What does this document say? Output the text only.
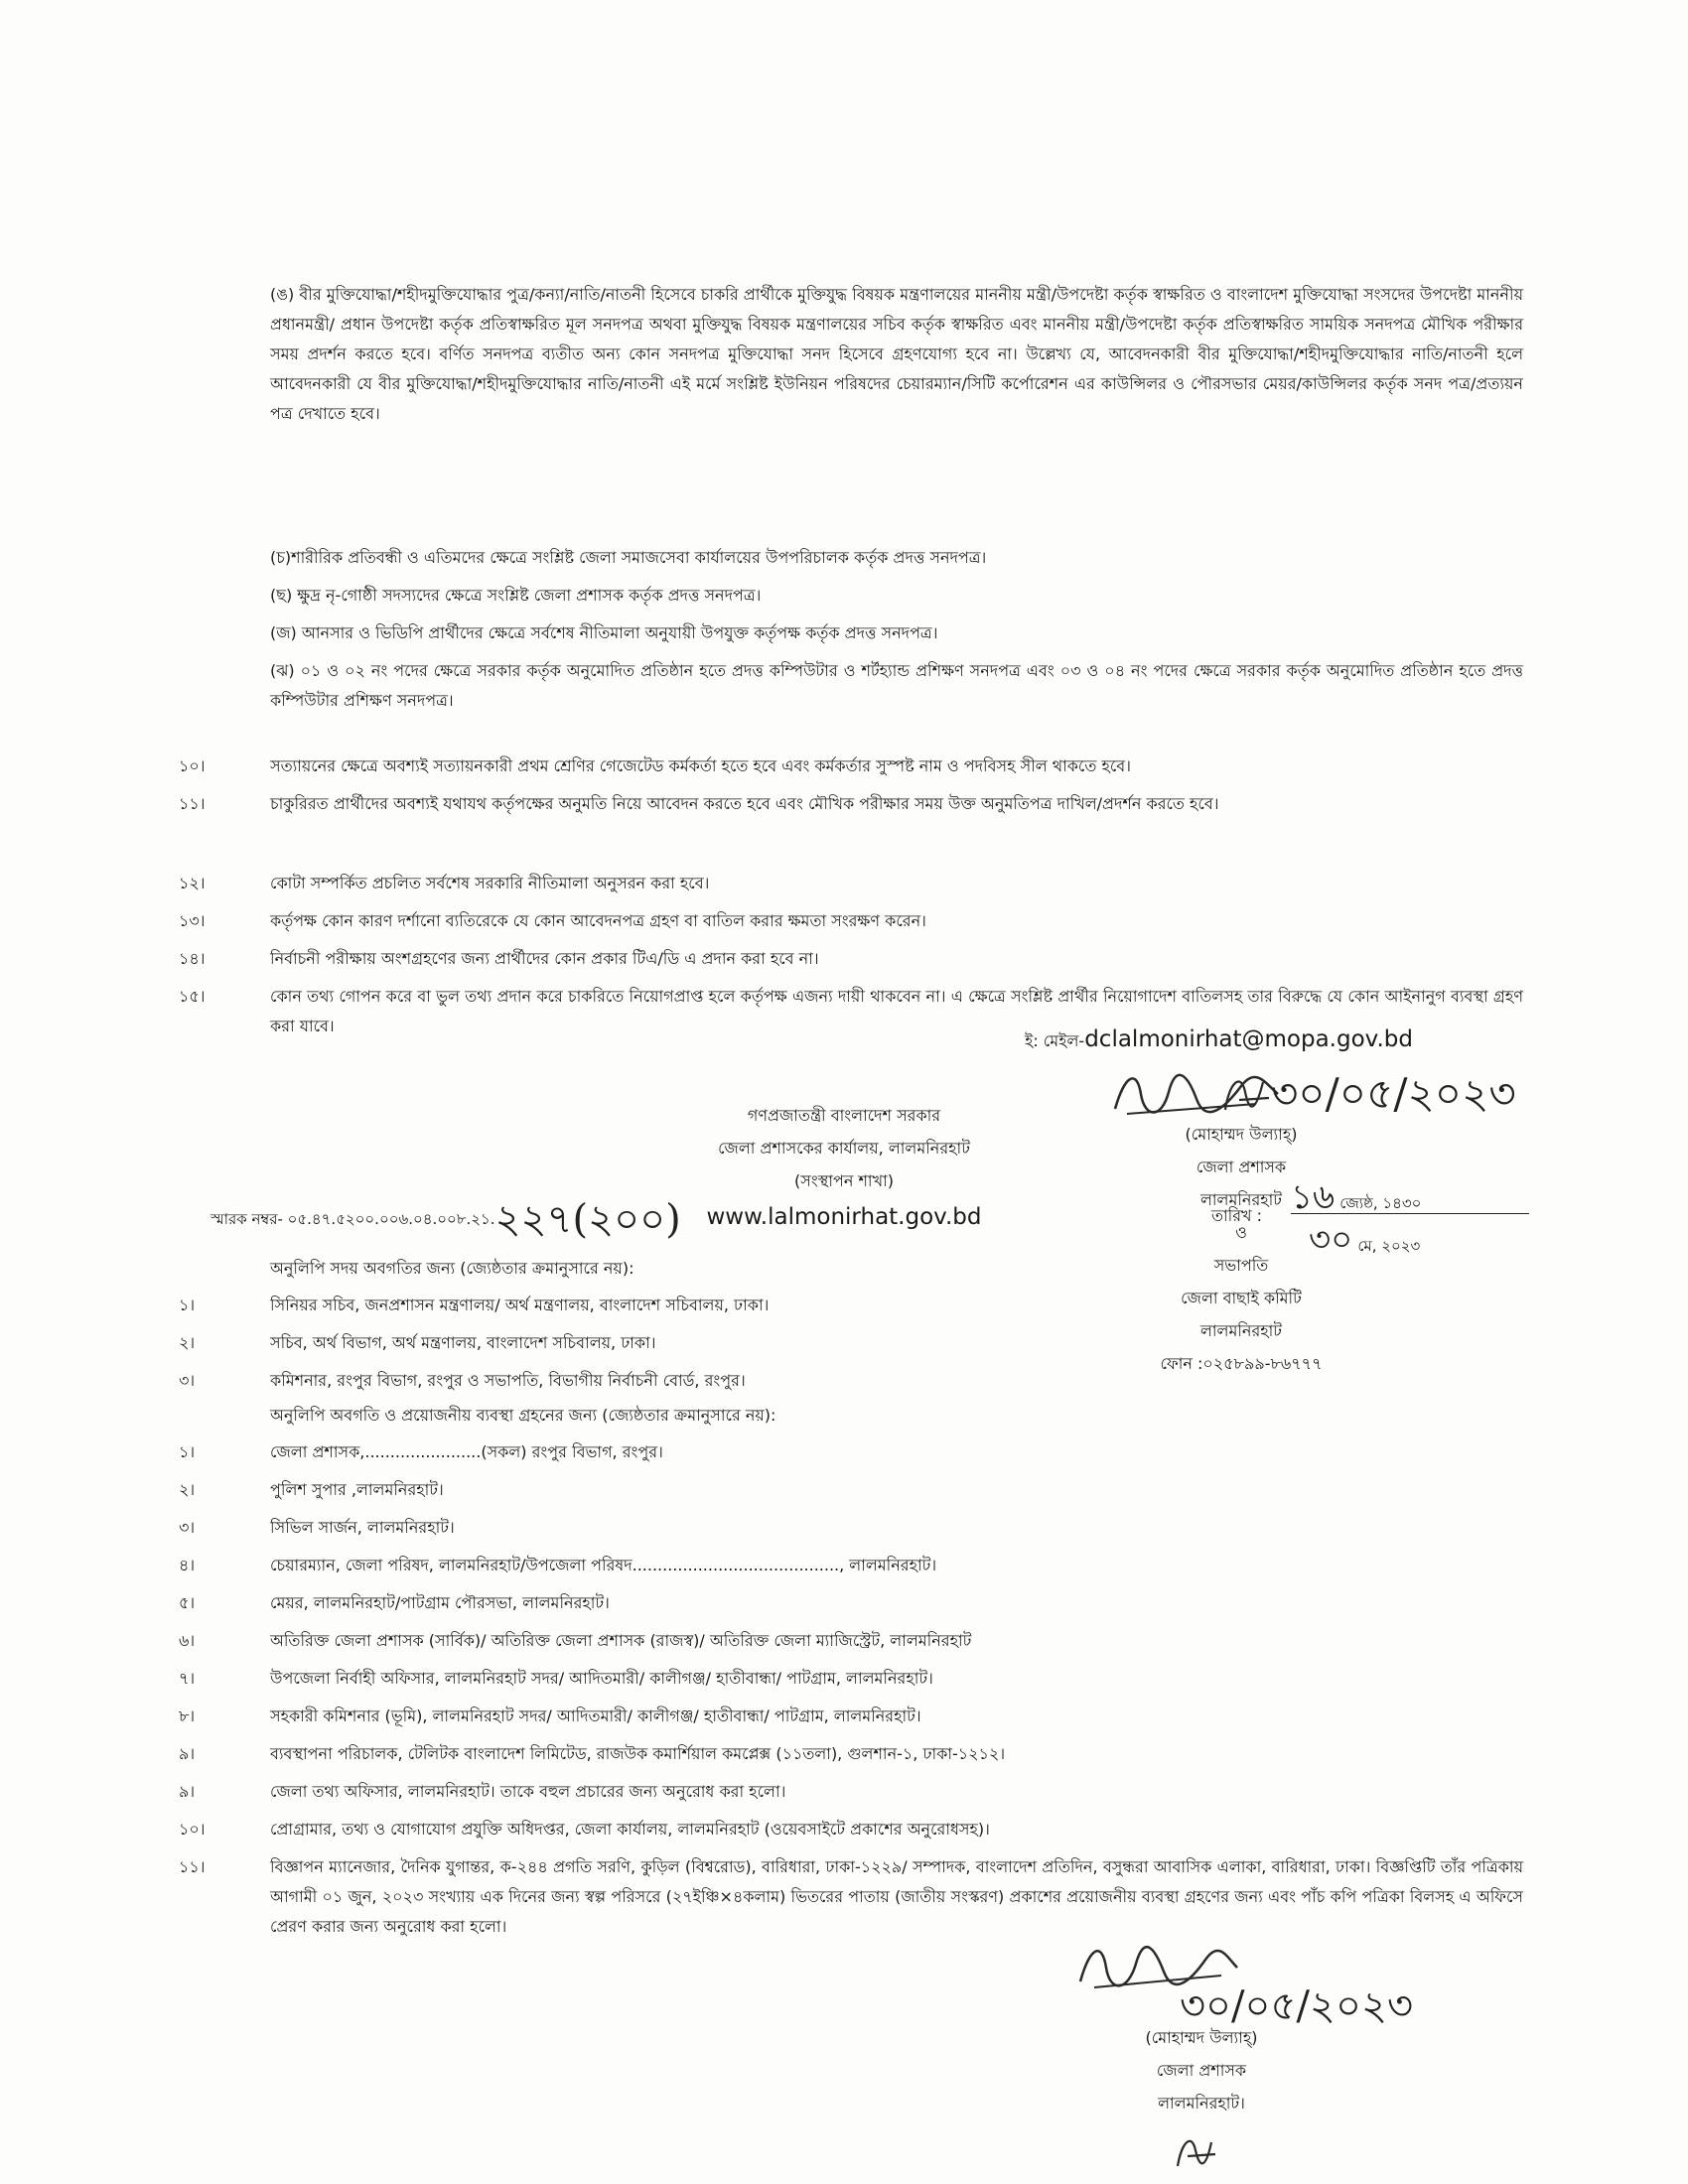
(ঙ) বীর মুক্তিযোদ্ধা/শহীদমুক্তিযোদ্ধার পুত্র/কন্যা/নাতি/নাতনী হিসেবে চাকরি প্রার্থীকে মুক্তিযুদ্ধ বিষয়ক মন্ত্রণালয়ের মাননীয় মন্ত্রী/উপদেষ্টা কর্তৃক স্বাক্ষরিত ও বাংলাদেশ মুক্তিযোদ্ধা সংসদের উপদেষ্টা মাননীয় প্রধানমন্ত্রী/ প্রধান উপদেষ্টা কর্তৃক প্রতিস্বাক্ষরিত মূল সনদপত্র অথবা মুক্তিযুদ্ধ বিষয়ক মন্ত্রণালয়ের সচিব কর্তৃক স্বাক্ষরিত এবং মাননীয় মন্ত্রী/উপদেষ্টা কর্তৃক প্রতিস্বাক্ষরিত সাময়িক সনদপত্র মৌখিক পরীক্ষার সময় প্রদর্শন করতে হবে। বর্ণিত সনদপত্র ব্যতীত অন্য কোন সনদপত্র মুক্তিযোদ্ধা সনদ হিসেবে গ্রহণযোগ্য হবে না। উল্লেখ্য যে, আবেদনকারী বীর মুক্তিযোদ্ধা/শহীদমুক্তিযোদ্ধার নাতি/নাতনী হলে আবেদনকারী যে বীর মুক্তিযোদ্ধা/শহীদমুক্তিযোদ্ধার নাতি/নাতনী এই মর্মে সংশ্লিষ্ট ইউনিয়ন পরিষদের চেয়ারম্যান/সিটি কর্পোরেশন এর কাউন্সিলর ও পৌরসভার মেয়র/কাউন্সিলর কর্তৃক সনদ পত্র/প্রত্যয়ন পত্র দেখাতে হবে।
(চ)শারীরিক প্রতিবন্ধী ও এতিমদের ক্ষেত্রে সংশ্লিষ্ট জেলা সমাজসেবা কার্যালয়ের উপপরিচালক কর্তৃক প্রদত্ত সনদপত্র।
(ছ) ক্ষুদ্র নৃ-গোষ্ঠী সদস্যদের ক্ষেত্রে সংশ্লিষ্ট জেলা প্রশাসক কর্তৃক প্রদত্ত সনদপত্র।
(জ) আনসার ও ভিডিপি প্রার্থীদের ক্ষেত্রে সর্বশেষ নীতিমালা অনুযায়ী উপযুক্ত কর্তৃপক্ষ কর্তৃক প্রদত্ত সনদপত্র।
(ঝ) ০১ ও ০২ নং পদের ক্ষেত্রে সরকার কর্তৃক অনুমোদিত প্রতিষ্ঠান হতে প্রদত্ত কম্পিউটার ও শর্টহ্যান্ড প্রশিক্ষণ সনদপত্র এবং ০৩ ও ০৪ নং পদের ক্ষেত্রে সরকার কর্তৃক অনুমোদিত প্রতিষ্ঠান হতে প্রদত্ত কম্পিউটার প্রশিক্ষণ সনদপত্র।
১০।	সত্যায়নের ক্ষেত্রে অবশ্যই সত্যায়নকারী প্রথম শ্রেণির গেজেটেড কর্মকর্তা হতে হবে এবং কর্মকর্তার সুস্পষ্ট নাম ও পদবিসহ সীল থাকতে হবে।
১১।	চাকুরিরত প্রার্থীদের অবশ্যই যথাযথ কর্তৃপক্ষের অনুমতি নিয়ে আবেদন করতে হবে এবং মৌখিক পরীক্ষার সময় উক্ত অনুমতিপত্র দাখিল/প্রদর্শন করতে হবে।
১২।	কোটা সম্পর্কিত প্রচলিত সর্বশেষ সরকারি নীতিমালা অনুসরন করা হবে।
১৩।	কর্তৃপক্ষ কোন কারণ দর্শানো ব্যতিরেকে যে কোন আবেদনপত্র গ্রহণ বা বাতিল করার ক্ষমতা সংরক্ষণ করেন।
১৪।	নির্বাচনী পরীক্ষায় অংশগ্রহণের জন্য প্রার্থীদের কোন প্রকার টিএ/ডি এ প্রদান করা হবে না।
১৫।	কোন তথ্য গোপন করে বা ভুল তথ্য প্রদান করে চাকরিতে নিয়োগপ্রাপ্ত হলে কর্তৃপক্ষ এজন্য দায়ী থাকবেন না। এ ক্ষেত্রে সংশ্লিষ্ট প্রার্থীর নিয়োগাদেশ বাতিলসহ তার বিরুদ্ধে যে কোন আইনানুগ ব্যবস্থা গ্রহণ করা যাবে।
৩০/০৫/২০২৩
(মোহাম্মদ উল্যাহ্)
জেলা প্রশাসক
লালমনিরহাট
ও
সভাপতি
জেলা বাছাই কমিটি
লালমনিরহাট
ফোন :০২৫৮৯৯-৮৬৭৭৭
ই: মেইল-dclalmonirhat@mopa.gov.bd
গণপ্রজাতন্ত্রী বাংলাদেশ সরকার
জেলা প্রশাসকের কার্যালয়, লালমনিরহাট
(সংস্থাপন শাখা)
www.lalmonirhat.gov.bd
স্মারক নম্বর- ০৫.৪৭.৫২০০.০০৬.০৪.০০৮.২১.২২৭(২০০)	তারিখ : ১৬ জ্যেষ্ঠ, ১৪৩০
৩০ মে, ২০২৩
অনুলিপি সদয় অবগতির জন্য (জ্যেষ্ঠতার ক্রমানুসারে নয়):
১।	সিনিয়র সচিব, জনপ্রশাসন মন্ত্রণালয়/ অর্থ মন্ত্রণালয়, বাংলাদেশ সচিবালয়, ঢাকা।
২।	সচিব, অর্থ বিভাগ, অর্থ মন্ত্রণালয়, বাংলাদেশ সচিবালয়, ঢাকা।
৩।	কমিশনার, রংপুর বিভাগ, রংপুর ও সভাপতি, বিভাগীয় নির্বাচনী বোর্ড, রংপুর।
অনুলিপি অবগতি ও প্রয়োজনীয় ব্যবস্থা গ্রহনের জন্য (জ্যেষ্ঠতার ক্রমানুসারে নয়):
১।	জেলা প্রশাসক,.......................(সকল) রংপুর বিভাগ, রংপুর।
২।	পুলিশ সুপার ,লালমনিরহাট।
৩।	সিভিল সার্জন, লালমনিরহাট।
৪।	চেয়ারম্যান, জেলা পরিষদ, লালমনিরহাট/উপজেলা পরিষদ........................................., লালমনিরহাট।
৫।	মেয়র, লালমনিরহাট/পাটগ্রাম পৌরসভা, লালমনিরহাট।
৬।	অতিরিক্ত জেলা প্রশাসক (সার্বিক)/ অতিরিক্ত জেলা প্রশাসক (রাজস্ব)/ অতিরিক্ত জেলা ম্যাজিস্ট্রেট, লালমনিরহাট
৭।	উপজেলা নির্বাহী অফিসার, লালমনিরহাট সদর/ আদিতমারী/ কালীগঞ্জ/ হাতীবান্ধা/ পাটগ্রাম, লালমনিরহাট।
৮।	সহকারী কমিশনার (ভূমি), লালমনিরহাট সদর/ আদিতমারী/ কালীগঞ্জ/ হাতীবান্ধা/ পাটগ্রাম, লালমনিরহাট।
৯।	ব্যবস্থাপনা পরিচালক, টেলিটক বাংলাদেশ লিমিটেড, রাজউক কমার্শিয়াল কমপ্লেক্স (১১তলা), গুলশান-১, ঢাকা-১২১২।
৯।	জেলা তথ্য অফিসার, লালমনিরহাট। তাকে বহুল প্রচারের জন্য অনুরোধ করা হলো।
১০।	প্রোগ্রামার, তথ্য ও যোগাযোগ প্রযুক্তি অধিদপ্তর, জেলা কার্যালয়, লালমনিরহাট (ওয়েবসাইটে প্রকাশের অনুরোধসহ)।
১১।	বিজ্ঞাপন ম্যানেজার, দৈনিক যুগান্তর, ক-২৪৪ প্রগতি সরণি, কুড়িল (বিশ্বরোড), বারিধারা, ঢাকা-১২২৯/ সম্পাদক, বাংলাদেশ প্রতিদিন, বসুন্ধরা আবাসিক এলাকা, বারিধারা, ঢাকা। বিজ্ঞপ্তিটি তাঁর পত্রিকায় আগামী ০১ জুন, ২০২৩ সংখ্যায় এক দিনের জন্য স্বল্প পরিসরে (২৭ইঞ্চি×৪কলাম) ভিতরের পাতায় (জাতীয় সংস্করণ) প্রকাশের প্রয়োজনীয় ব্যবস্থা গ্রহণের জন্য এবং পাঁচ কপি পত্রিকা বিলসহ এ অফিসে প্রেরণ করার জন্য অনুরোধ করা হলো।
৩০/০৫/২০২৩
(মোহাম্মদ উল্যাহ্)
জেলা প্রশাসক
লালমনিরহাট।
